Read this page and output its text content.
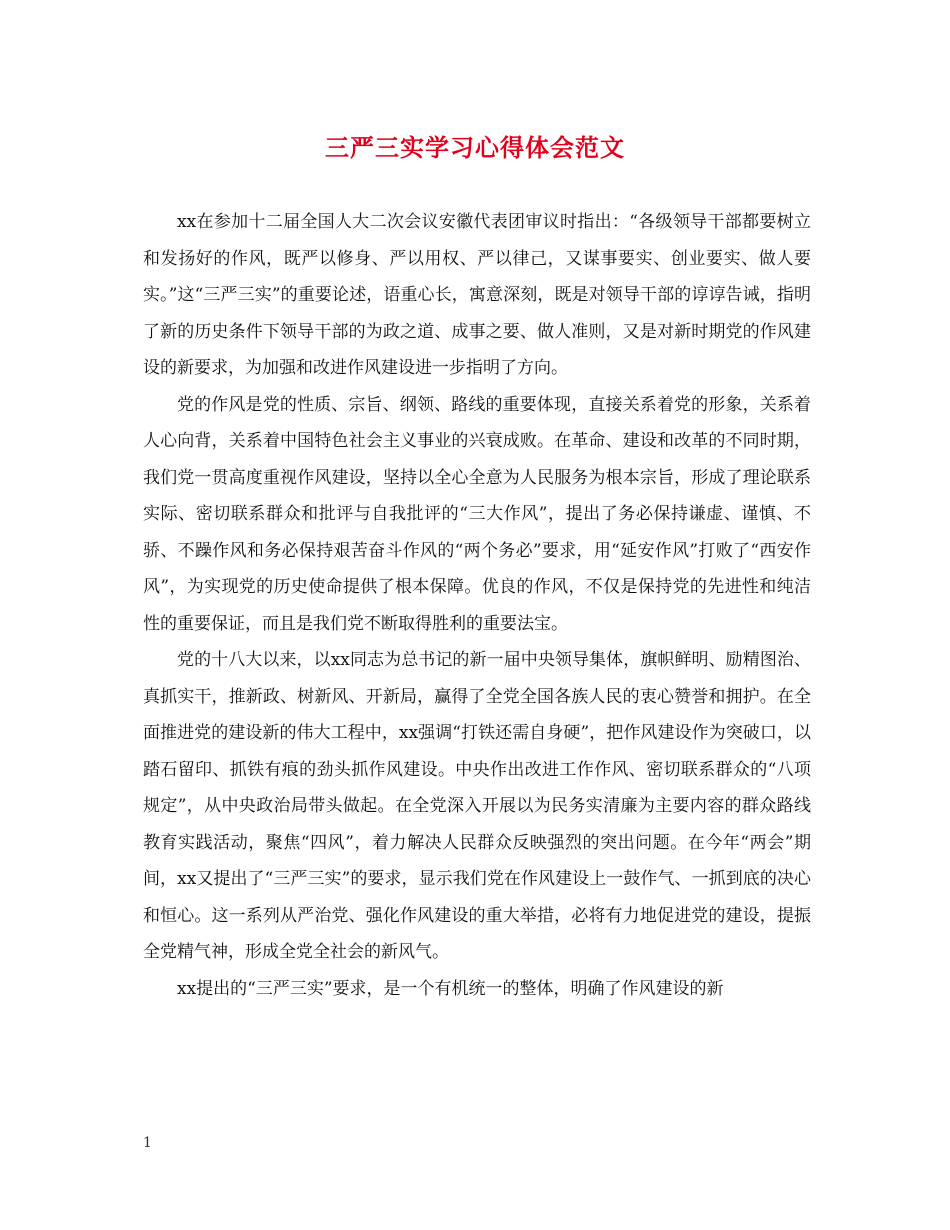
三严三实学习心得体会范文

xx在参加十二届全国人大二次会议安徽代表团审议时指出：“各级领导干部都要树立和发扬好的作风，既严以修身、严以用权、严以律己，又谋事要实、创业要实、做人要实。”这“三严三实”的重要论述，语重心长，寓意深刻，既是对领导干部的谆谆告诫，指明了新的历史条件下领导干部的为政之道、成事之要、做人准则，又是对新时期党的作风建设的新要求，为加强和改进作风建设进一步指明了方向。

党的作风是党的性质、宗旨、纲领、路线的重要体现，直接关系着党的形象，关系着人心向背，关系着中国特色社会主义事业的兴衰成败。在革命、建设和改革的不同时期，我们党一贯高度重视作风建设，坚持以全心全意为人民服务为根本宗旨，形成了理论联系实际、密切联系群众和批评与自我批评的“三大作风”，提出了务必保持谦虚、谨慎、不骄、不躁作风和务必保持艰苦奋斗作风的“两个务必”要求，用“延安作风”打败了“西安作风”，为实现党的历史使命提供了根本保障。优良的作风，不仅是保持党的先进性和纯洁性的重要保证，而且是我们党不断取得胜利的重要法宝。

党的十八大以来，以xx同志为总书记的新一届中央领导集体，旗帜鲜明、励精图治、真抓实干，推新政、树新风、开新局，赢得了全党全国各族人民的衷心赞誉和拥护。在全面推进党的建设新的伟大工程中，xx强调“打铁还需自身硬”，把作风建设作为突破口，以踏石留印、抓铁有痕的劲头抓作风建设。中央作出改进工作作风、密切联系群众的“八项规定”，从中央政治局带头做起。在全党深入开展以为民务实清廉为主要内容的群众路线教育实践活动，聚焦“四风”，着力解决人民群众反映强烈的突出问题。在今年“两会”期间，xx又提出了“三严三实”的要求，显示我们党在作风建设上一鼓作气、一抓到底的决心和恒心。这一系列从严治党、强化作风建设的重大举措，必将有力地促进党的建设，提振全党精气神，形成全党全社会的新风气。

xx提出的“三严三实”要求，是一个有机统一的整体，明确了作风建设的新

1
